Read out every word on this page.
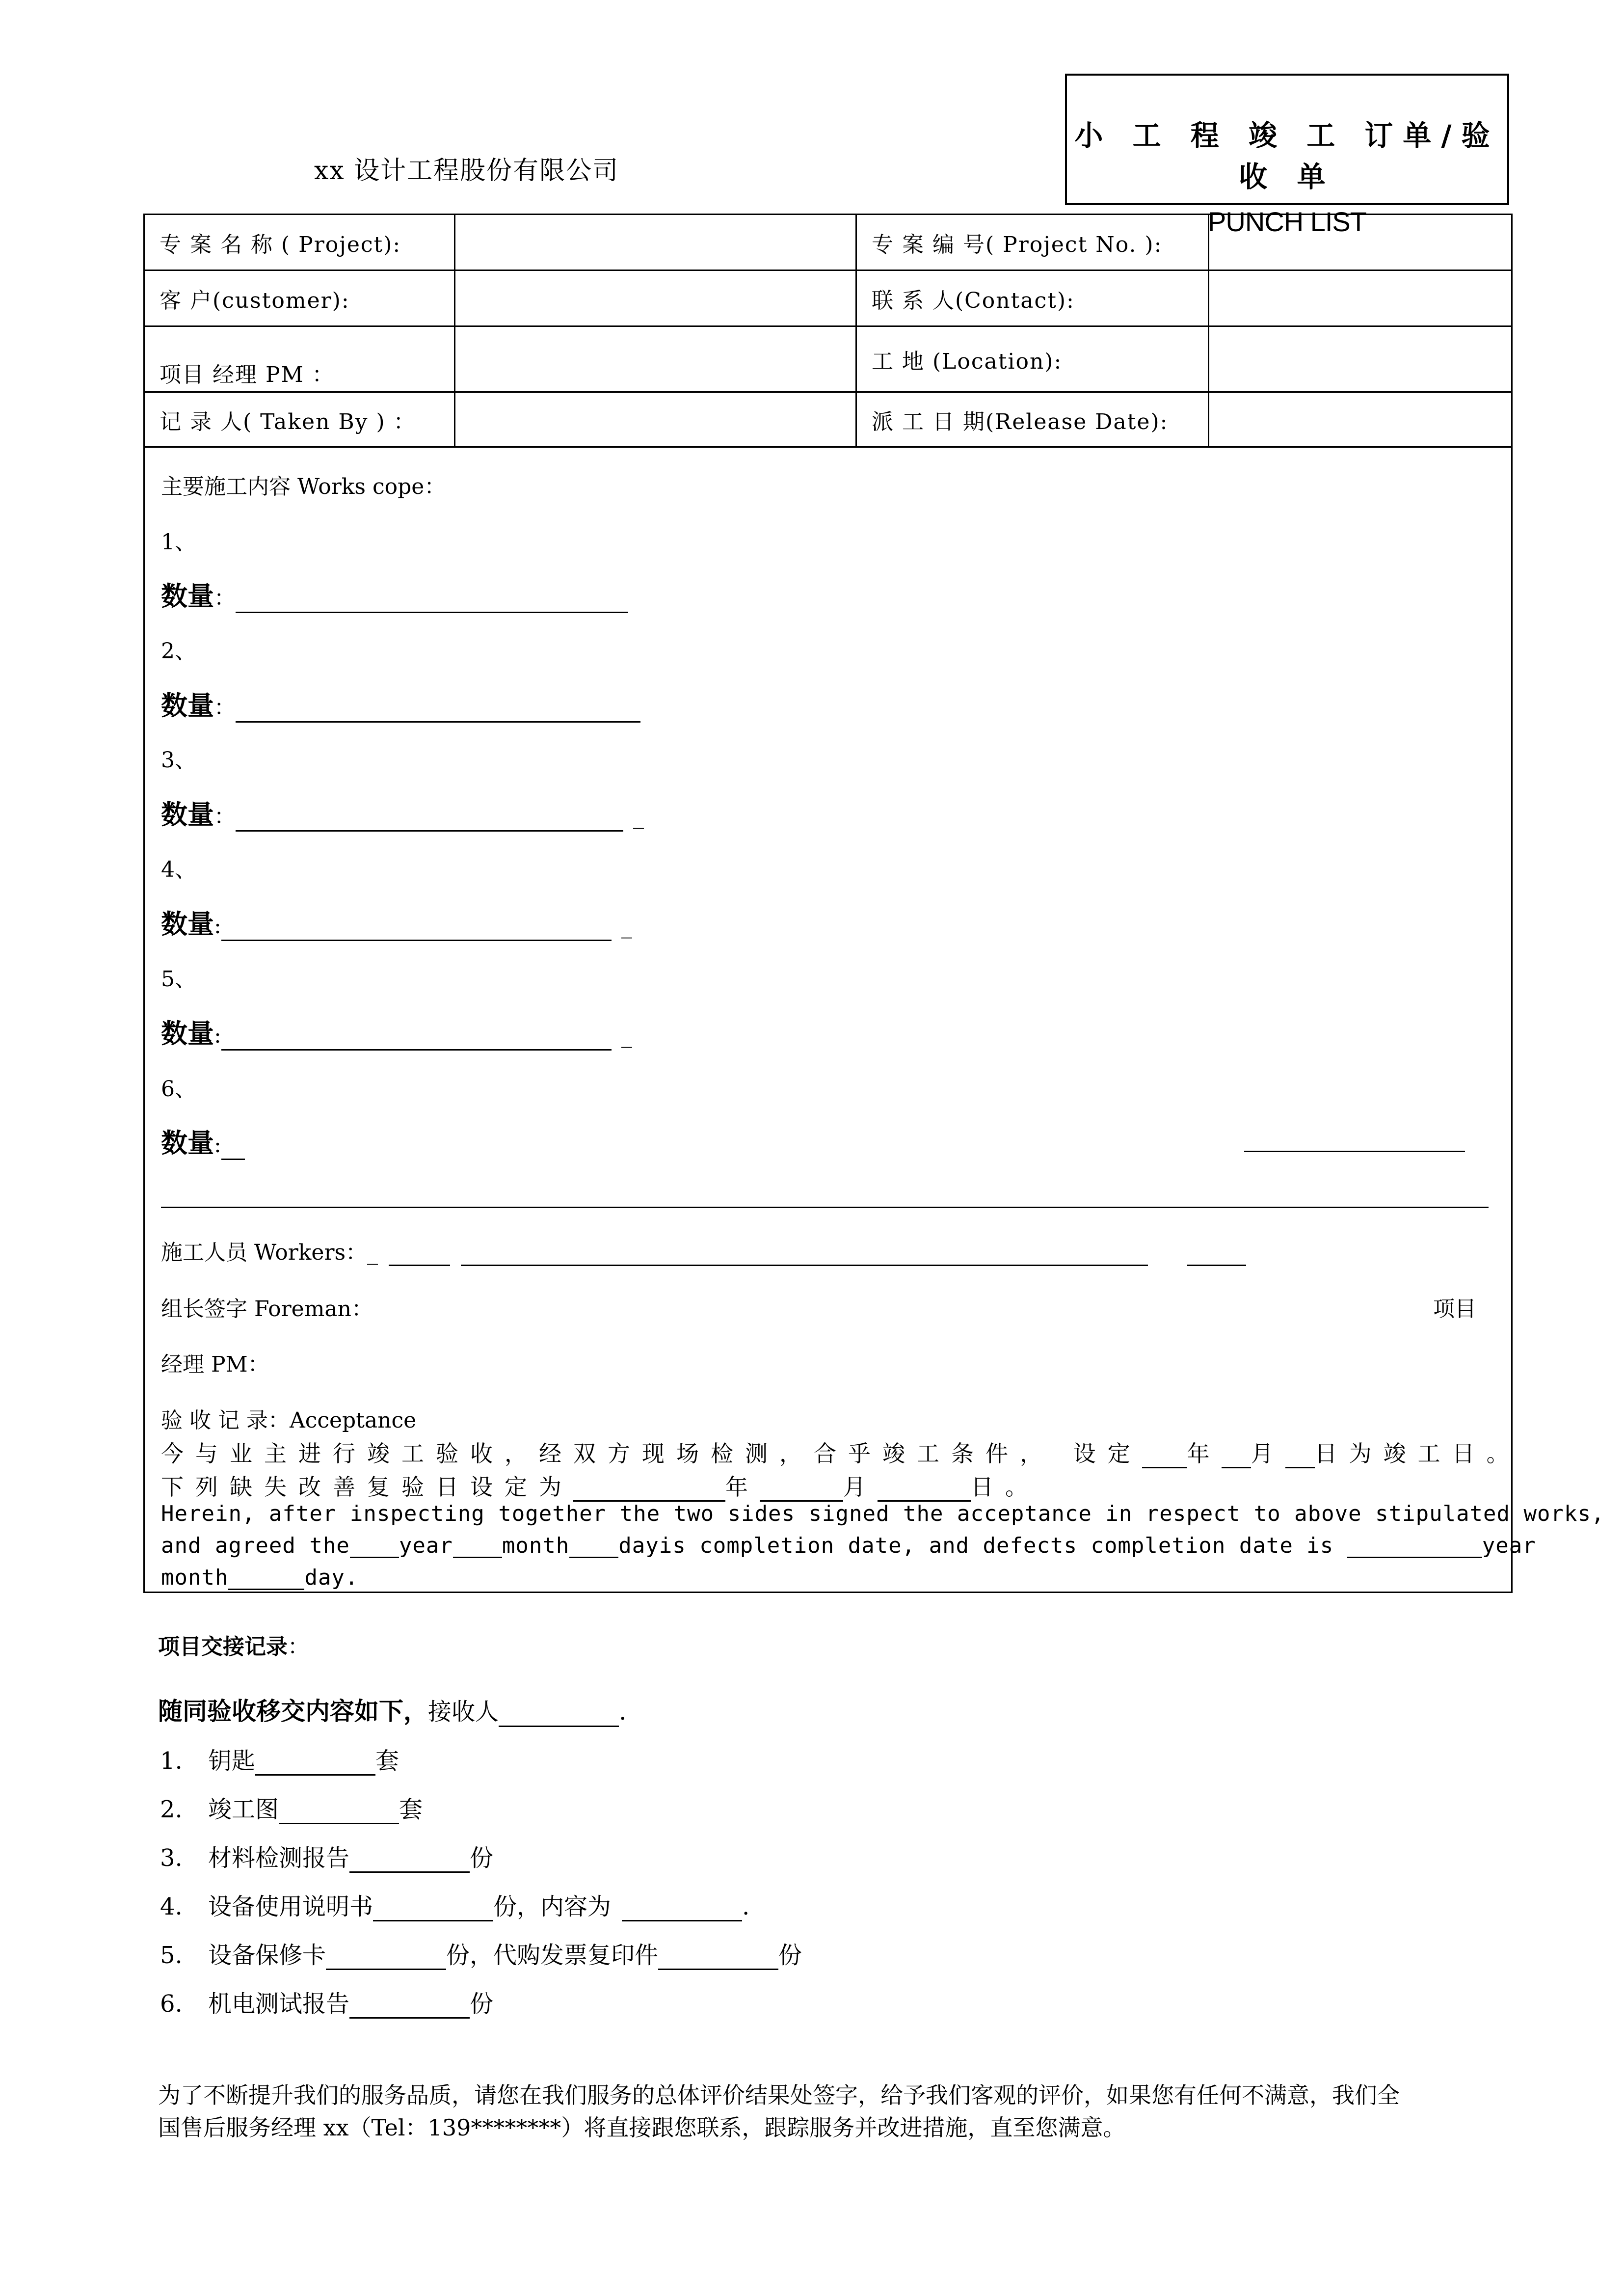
xx 设计工程股份有限公司
小 工 程 竣 工 订单/验 收 单
PUNCH LIST
专 案 名 称 ( Project):		专 案 编 号( Project No. ):	
客 户(customer):		联 系 人(Contact):	
项目 经理 PM ：		工 地 (Location):	
记 录 人( Taken By ) ：		派 工 日 期(Release Date):	
主要施工内容 Works cope：
1、
数量：
2、
数量：
3、
数量：	_
4、
数量:	_
5、
数量:	_
6、
数量:
施工人员 Workers：_
组长签字 Foreman：	项目
经理 PM：
验 收 记 录：Acceptance
今与业主进行竣工验收，经双方现场检测，合乎竣工条件， 设定 年 月 日为竣工日。
下列缺失改善复验日设定为	年	月	日。
Herein, after inspecting together the two sides signed the acceptance in respect to above stipulated works,
and agreed the year month dayis completion date, and defects completion date is	year
month	day.
项目交接记录：
随同验收移交内容如下，接收人	.
1. 钥匙	套
2. 竣工图	套
3. 材料检测报告	份
4. 设备使用说明书	份，内容为	.
5. 设备保修卡	份，代购发票复印件	份
6. 机电测试报告	份
为了不断提升我们的服务品质，请您在我们服务的总体评价结果处签字，给予我们客观的评价，如果您有任何不满意，我们全
国售后服务经理 xx（Tel：139********）将直接跟您联系，跟踪服务并改进措施，直至您满意。
